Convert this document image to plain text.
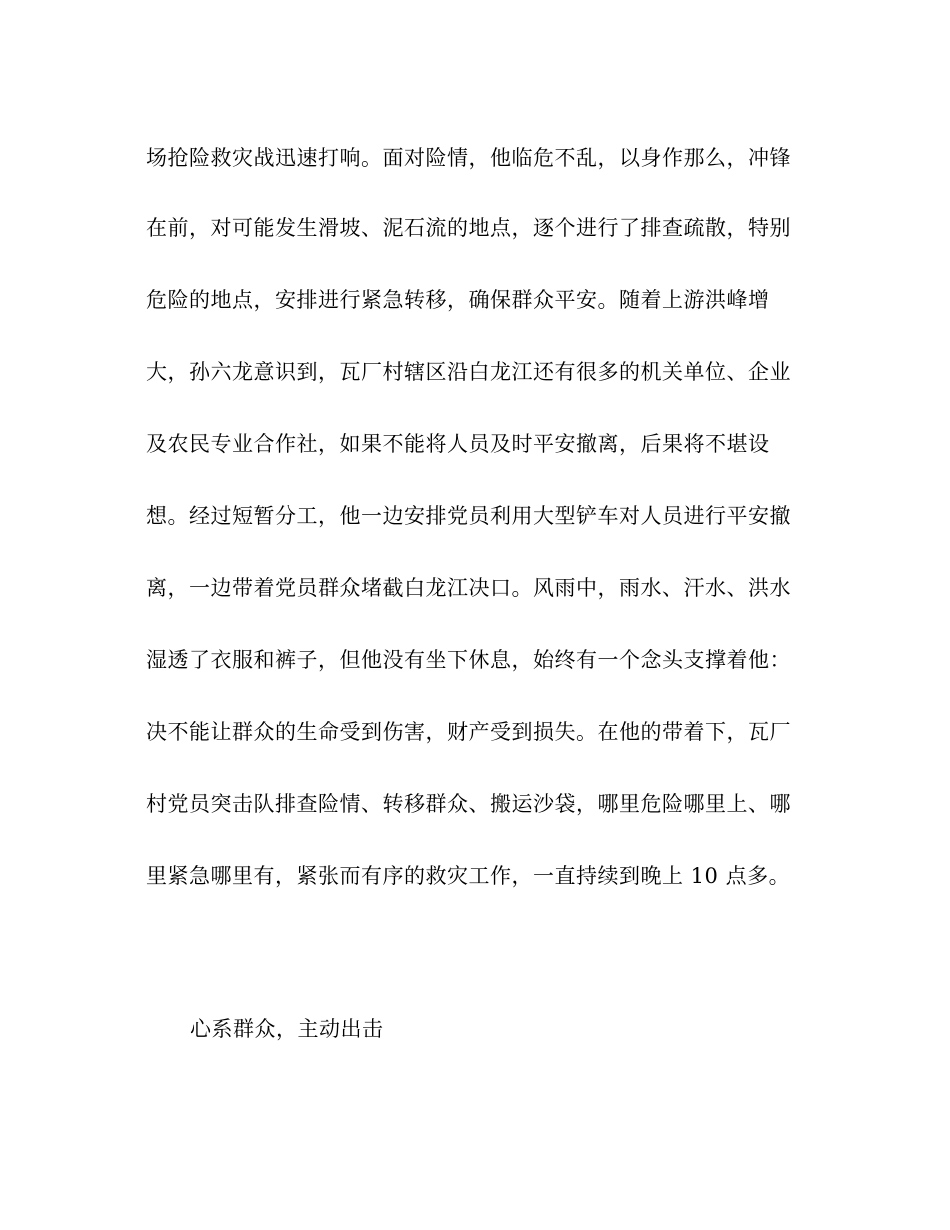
场抢险救灾战迅速打响。面对险情，他临危不乱，以身作那么，冲锋
在前，对可能发生滑坡、泥石流的地点，逐个进行了排查疏散，特别
危险的地点，安排进行紧急转移，确保群众平安。随着上游洪峰增
大，孙六龙意识到，瓦厂村辖区沿白龙江还有很多的机关单位、企业
及农民专业合作社，如果不能将人员及时平安撤离，后果将不堪设
想。经过短暂分工，他一边安排党员利用大型铲车对人员进行平安撤
离，一边带着党员群众堵截白龙江决口。风雨中，雨水、汗水、洪水
湿透了衣服和裤子，但他没有坐下休息，始终有一个念头支撑着他：
决不能让群众的生命受到伤害，财产受到损失。在他的带着下，瓦厂
村党员突击队排查险情、转移群众、搬运沙袋，哪里危险哪里上、哪
里紧急哪里有，紧张而有序的救灾工作，一直持续到晚上 10 点多。
心系群众，主动出击
